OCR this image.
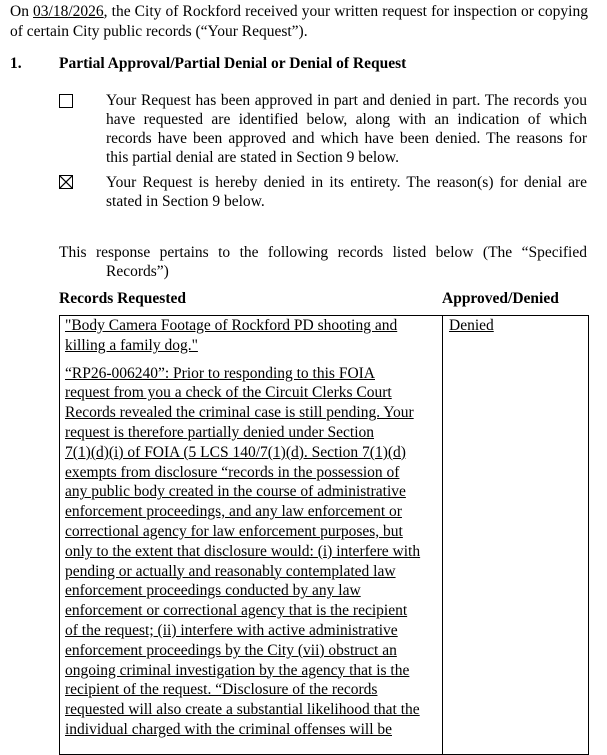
On 03/18/2026, the City of Rockford received your written request for inspection or copying of certain City public records (“Your Request”).

1. Partial Approval/Partial Denial or Denial of Request

Your Request has been approved in part and denied in part. The records you have requested are identified below, along with an indication of which records have been approved and which have been denied. The reasons for this partial denial are stated in Section 9 below.

Your Request is hereby denied in its entirety. The reason(s) for denial are stated in Section 9 below.

This response pertains to the following records listed below (The “Specified
Records”)

Records Requested	Approved/Denied

"Body Camera Footage of Rockford PD shooting and killing a family dog."

“RP26-006240”: Prior to responding to this FOIA
request from you a check of the Circuit Clerks Court
Records revealed the criminal case is still pending. Your
request is therefore partially denied under Section
7(1)(d)(i) of FOIA (5 LCS 140/7(1)(d). Section 7(1)(d)
exempts from disclosure “records in the possession of
any public body created in the course of administrative
enforcement proceedings, and any law enforcement or
correctional agency for law enforcement purposes, but
only to the extent that disclosure would: (i) interfere with
pending or actually and reasonably contemplated law
enforcement proceedings conducted by any law
enforcement or correctional agency that is the recipient
of the request; (ii) interfere with active administrative
enforcement proceedings by the City (vii) obstruct an
ongoing criminal investigation by the agency that is the
recipient of the request. “Disclosure of the records
requested will also create a substantial likelihood that the
individual charged with the criminal offenses will be
Denied
